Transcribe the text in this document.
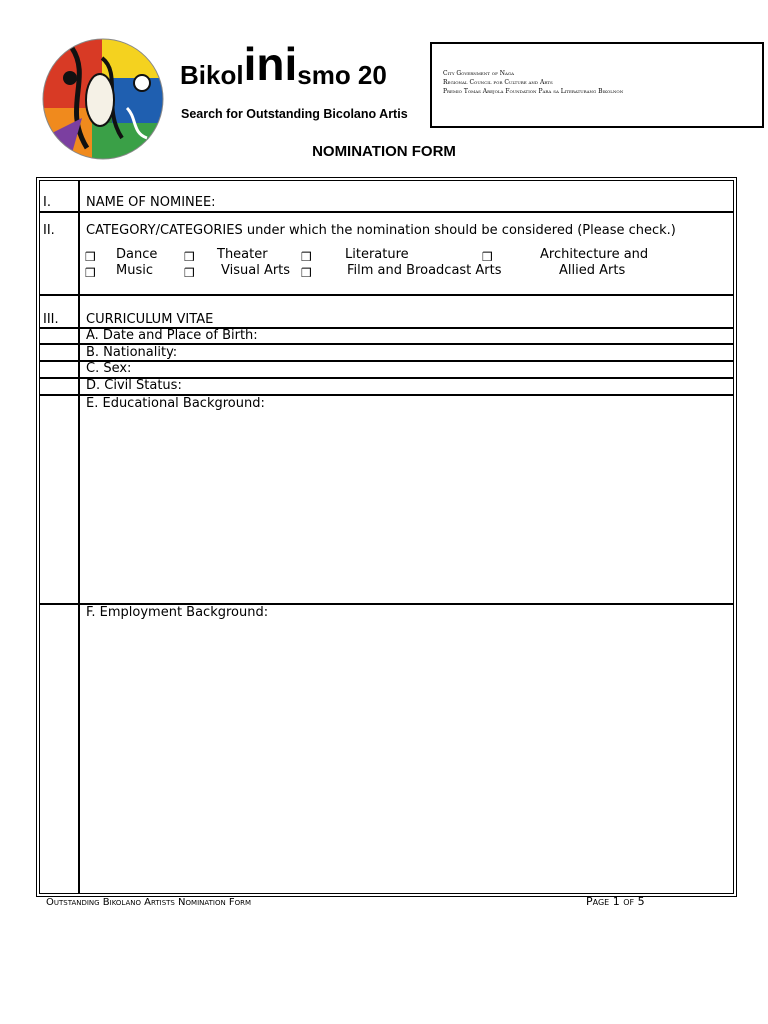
Bikolinismo 20
Search for Outstanding Bicolano Artis
City Government of Naga
Regional Council for Culture and Arts
Premio Tomas Arejola Foundation Para sa Literaturang Bikolnon
NOMINATION FORM
I.	NAME OF NOMINEE:
II. CATEGORY/CATEGORIES under which the nomination should be considered (Please check.)
❒ Dance ❒ Theater	❒	Literature	❒	Architecture and
❒ Music	❒ Visual Arts ❒	Film and Broadcast Arts	Allied Arts
III. CURRICULUM VITAE
A. Date and Place of Birth:
B. Nationality:
C. Sex:
D. Civil Status:
E. Educational Background:
F. Employment Background:
Outstanding Bikolano Artists Nomination Form	Page 1 of 5
